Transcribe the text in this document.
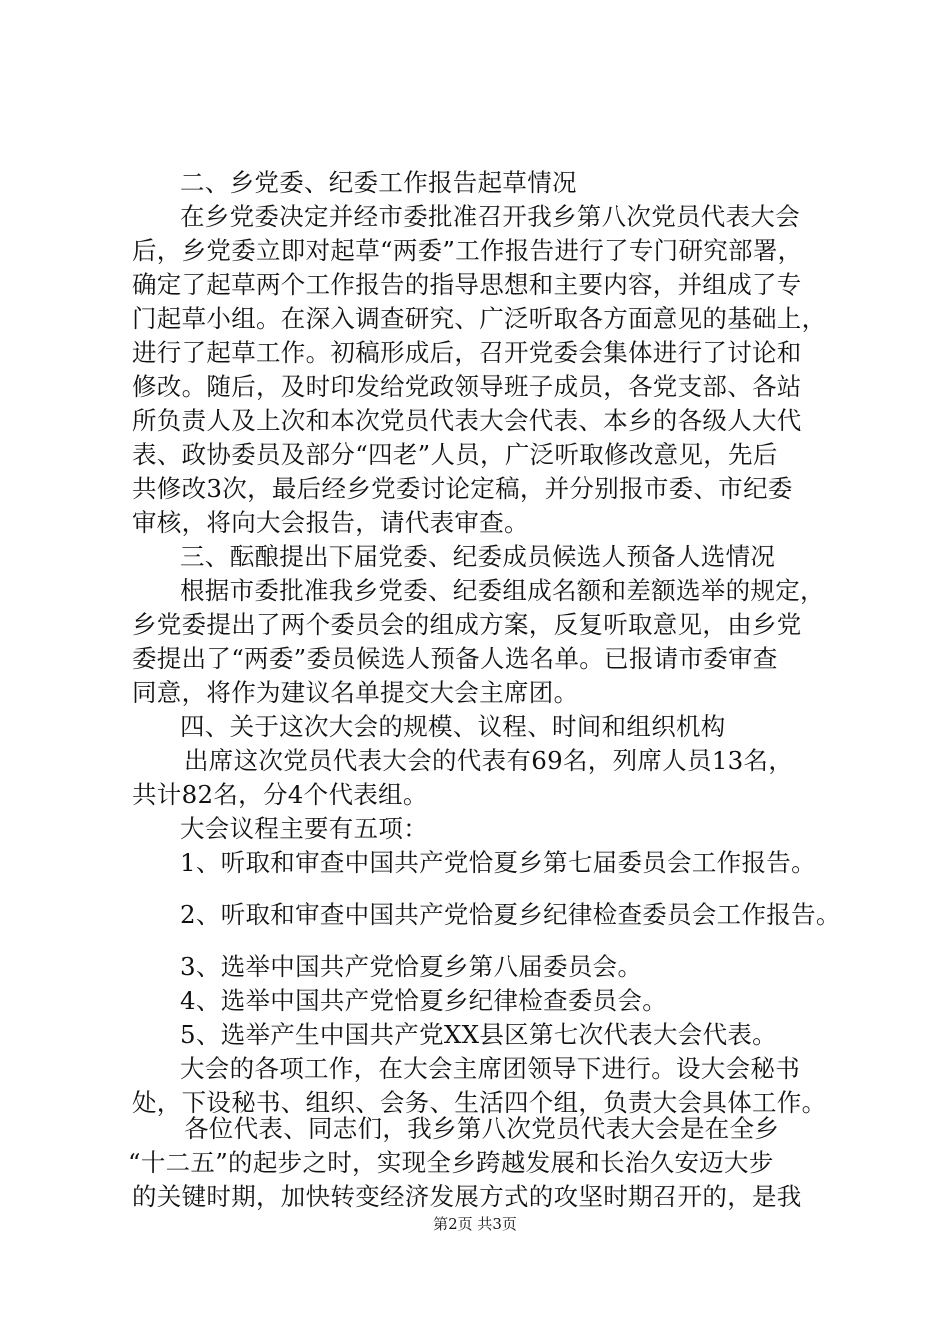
二、乡党委、纪委工作报告起草情况
在乡党委决定并经市委批准召开我乡第八次党员代表大会
后，乡党委立即对起草“两委”工作报告进行了专门研究部署，
确定了起草两个工作报告的指导思想和主要内容，并组成了专
门起草小组。在深入调查研究、广泛听取各方面意见的基础上，
进行了起草工作。初稿形成后，召开党委会集体进行了讨论和
修改。随后，及时印发给党政领导班子成员，各党支部、各站
所负责人及上次和本次党员代表大会代表、本乡的各级人大代
表、政协委员及部分“四老”人员，广泛听取修改意见，先后
共修改3次，最后经乡党委讨论定稿，并分别报市委、市纪委
审核，将向大会报告，请代表审查。
三、酝酿提出下届党委、纪委成员候选人预备人选情况
根据市委批准我乡党委、纪委组成名额和差额选举的规定，
乡党委提出了两个委员会的组成方案，反复听取意见，由乡党
委提出了“两委”委员候选人预备人选名单。已报请市委审查
同意，将作为建议名单提交大会主席团。
四、关于这次大会的规模、议程、时间和组织机构
出席这次党员代表大会的代表有69名，列席人员13名，
共计82名，分4个代表组。
大会议程主要有五项：
1、听取和审查中国共产党恰夏乡第七届委员会工作报告。
2、听取和审查中国共产党恰夏乡纪律检查委员会工作报告。
3、选举中国共产党恰夏乡第八届委员会。
4、选举中国共产党恰夏乡纪律检查委员会。
5、选举产生中国共产党XX县区第七次代表大会代表。
大会的各项工作，在大会主席团领导下进行。设大会秘书
处，下设秘书、组织、会务、生活四个组，负责大会具体工作。
各位代表、同志们，我乡第八次党员代表大会是在全乡
“十二五”的起步之时，实现全乡跨越发展和长治久安迈大步
的关键时期，加快转变经济发展方式的攻坚时期召开的，是我
第2页 共3页
